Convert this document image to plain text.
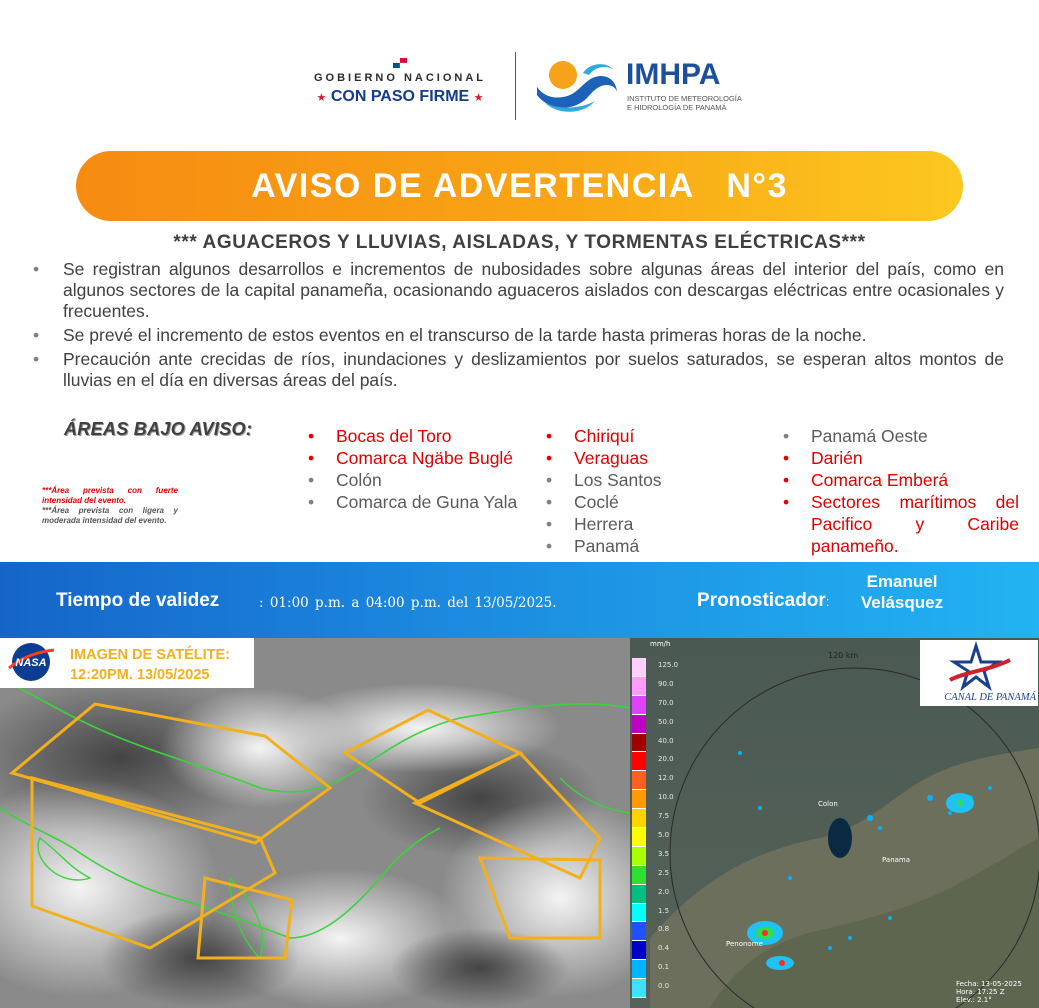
GOBIERNO NACIONAL
★ CON PASO FIRME ★
IMHPA
INSTITUTO DE METEOROLOGÍA
E HIDROLOGÍA DE PANAMÁ
AVISO DE ADVERTENCIA   N°3
*** AGUACEROS Y LLUVIAS, AISLADAS, Y TORMENTAS ELÉCTRICAS***
• Se registran algunos desarrollos e incrementos de nubosidades sobre algunas áreas del interior del país, como en algunos sectores de la capital panameña, ocasionando aguaceros aislados con descargas eléctricas entre ocasionales y frecuentes.
• Se prevé el incremento de estos eventos en el transcurso de la tarde hasta primeras horas de la noche.
• Precaución ante crecidas de ríos, inundaciones y deslizamientos por suelos saturados, se esperan altos montos de lluvias en el día en diversas áreas del país.
ÁREAS BAJO AVISO:
•	Bocas del Toro
• Comarca Ngäbe Buglé
• Colón
• Comarca de Guna Yala
• Chiriquí
• Veraguas
• Los Santos
• Coclé
• Herrera
• Panamá
• Panamá Oeste
• Darién
• Comarca Emberá
• Sectores marítimos del Pacifico y Caribe panameño.
***Área prevista con fuerte intensidad del evento.
***Área prevista con ligera y moderada intensidad del evento.
Tiempo de validez	: 01:00 p.m. a 04:00 p.m. del 13/05/2025.	Pronosticador:
Emanuel
Velásquez
NASA IMAGEN DE SATÉLITE:
12:20PM. 13/05/2025
mm/h
125.0
90.0
70.0
50.0
40.0
20.0
12.0
10.0
7.5
5.0
3.5
2.5
2.0
1.5
0.8
0.4
0.1
0.0
120 km
Colon
Panama
Penonome
Fecha: 13-05-2025
Hora: 17:25 Z
Elev.: 2.1°
CANAL DE PANAMÁ
